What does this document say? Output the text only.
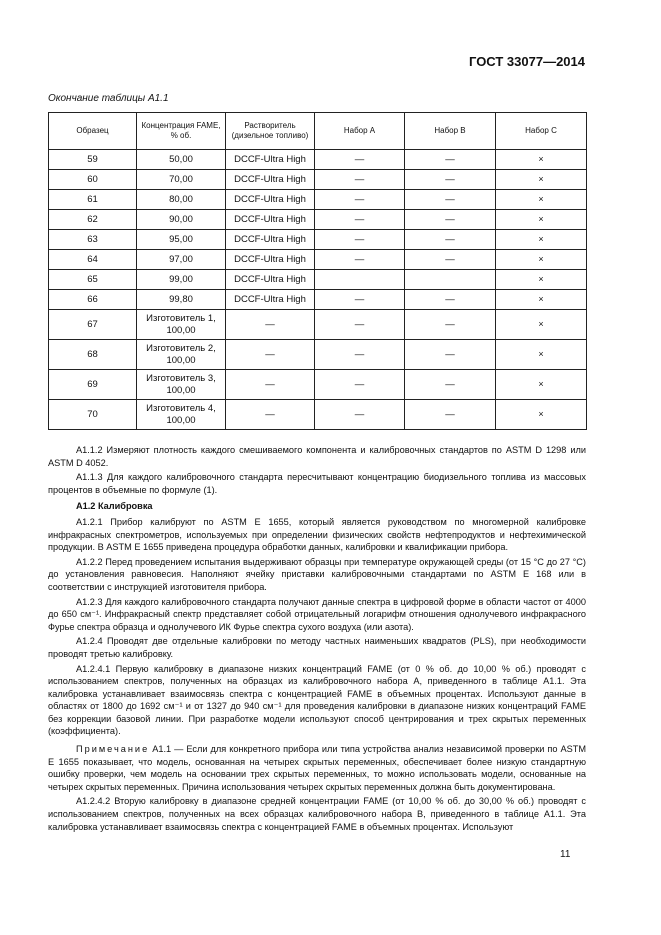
ГОСТ 33077—2014
Окончание таблицы А1.1
Образец	Концентрация FAME, % об.	Растворитель (дизельное топливо)	Набор А	Набор В	Набор С
59	50,00	DCCF-Ultra High	—	—	×
60	70,00	DCCF-Ultra High	—	—	×
61	80,00	DCCF-Ultra High	—	—	×
62	90,00	DCCF-Ultra High	—	—	×
63	95,00	DCCF-Ultra High	—	—	×
64	97,00	DCCF-Ultra High	—	—	×
65	99,00	DCCF-Ultra High			×
66	99,80	DCCF-Ultra High	—	—	×
67	Изготовитель 1, 100,00	—	—	—	×
68	Изготовитель 2, 100,00	—	—	—	×
69	Изготовитель 3, 100,00	—	—	—	×
70	Изготовитель 4, 100,00	—	—	—	×

A1.1.2 Измеряют плотность каждого смешиваемого компонента и калибровочных стандартов по ASTM D 1298 или ASTM D 4052.

A1.1.3 Для каждого калибровочного стандарта пересчитывают концентрацию биодизельного топлива из массовых процентов в объемные по формуле (1).

А1.2 Калибровка

А1.2.1 Прибор калибруют по ASTM E 1655, который является руководством по многомерной калибровке инфракрасных спектрометров, используемых при определении физических свойств нефтепродуктов и нефтехимической продукции. В ASTM E 1655 приведена процедура обработки данных, калибровки и квалификации прибора.

А1.2.2 Перед проведением испытания выдерживают образцы при температуре окружающей среды (от 15 °C до 27 °C) до установления равновесия. Наполняют ячейку приставки калибровочными стандартами по ASTM E 168 или в соответствии с инструкцией изготовителя прибора.

А1.2.3 Для каждого калибровочного стандарта получают данные спектра в цифровой форме в области частот от 4000 до 650 см⁻¹. Инфракрасный спектр представляет собой отрицательный логарифм отношения однолучевого инфракрасного Фурье спектра образца и однолучевого ИК Фурье спектра сухого воздуха (или азота).

А1.2.4 Проводят две отдельные калибровки по методу частных наименьших квадратов (PLS), при необходимости проводят третью калибровку.

А1.2.4.1 Первую калибровку в диапазоне низких концентраций FAME (от 0 % об. до 10,00 % об.) проводят с использованием спектров, полученных на образцах из калибровочного набора А, приведенного в таблице А1.1. Эта калибровка устанавливает взаимосвязь спектра с концентрацией FAME в объемных процентах. Используют данные в областях от 1800 до 1692 см⁻¹ и от 1327 до 940 см⁻¹ для проведения калибровки в диапазоне низких концентраций FAME без коррекции базовой линии. При разработке модели используют способ центрирования и трех скрытых переменных (коэффициента).

Примечание А1.1 — Если для конкретного прибора или типа устройства анализ независимой проверки по ASTM E 1655 показывает, что модель, основанная на четырех скрытых переменных, обеспечивает более низкую стандартную ошибку проверки, чем модель на основании трех скрытых переменных, то можно использовать модели, основанные на четырех скрытых переменных. Причина использования четырех скрытых переменных должна быть документирована.

А1.2.4.2 Вторую калибровку в диапазоне средней концентрации FAME (от 10,00 % об. до 30,00 % об.) проводят с использованием спектров, полученных на всех образцах калибровочного набора В, приведенного в таблице А1.1. Эта калибровка устанавливает взаимосвязь спектра с концентрацией FAME в объемных процентах. Используют

11
